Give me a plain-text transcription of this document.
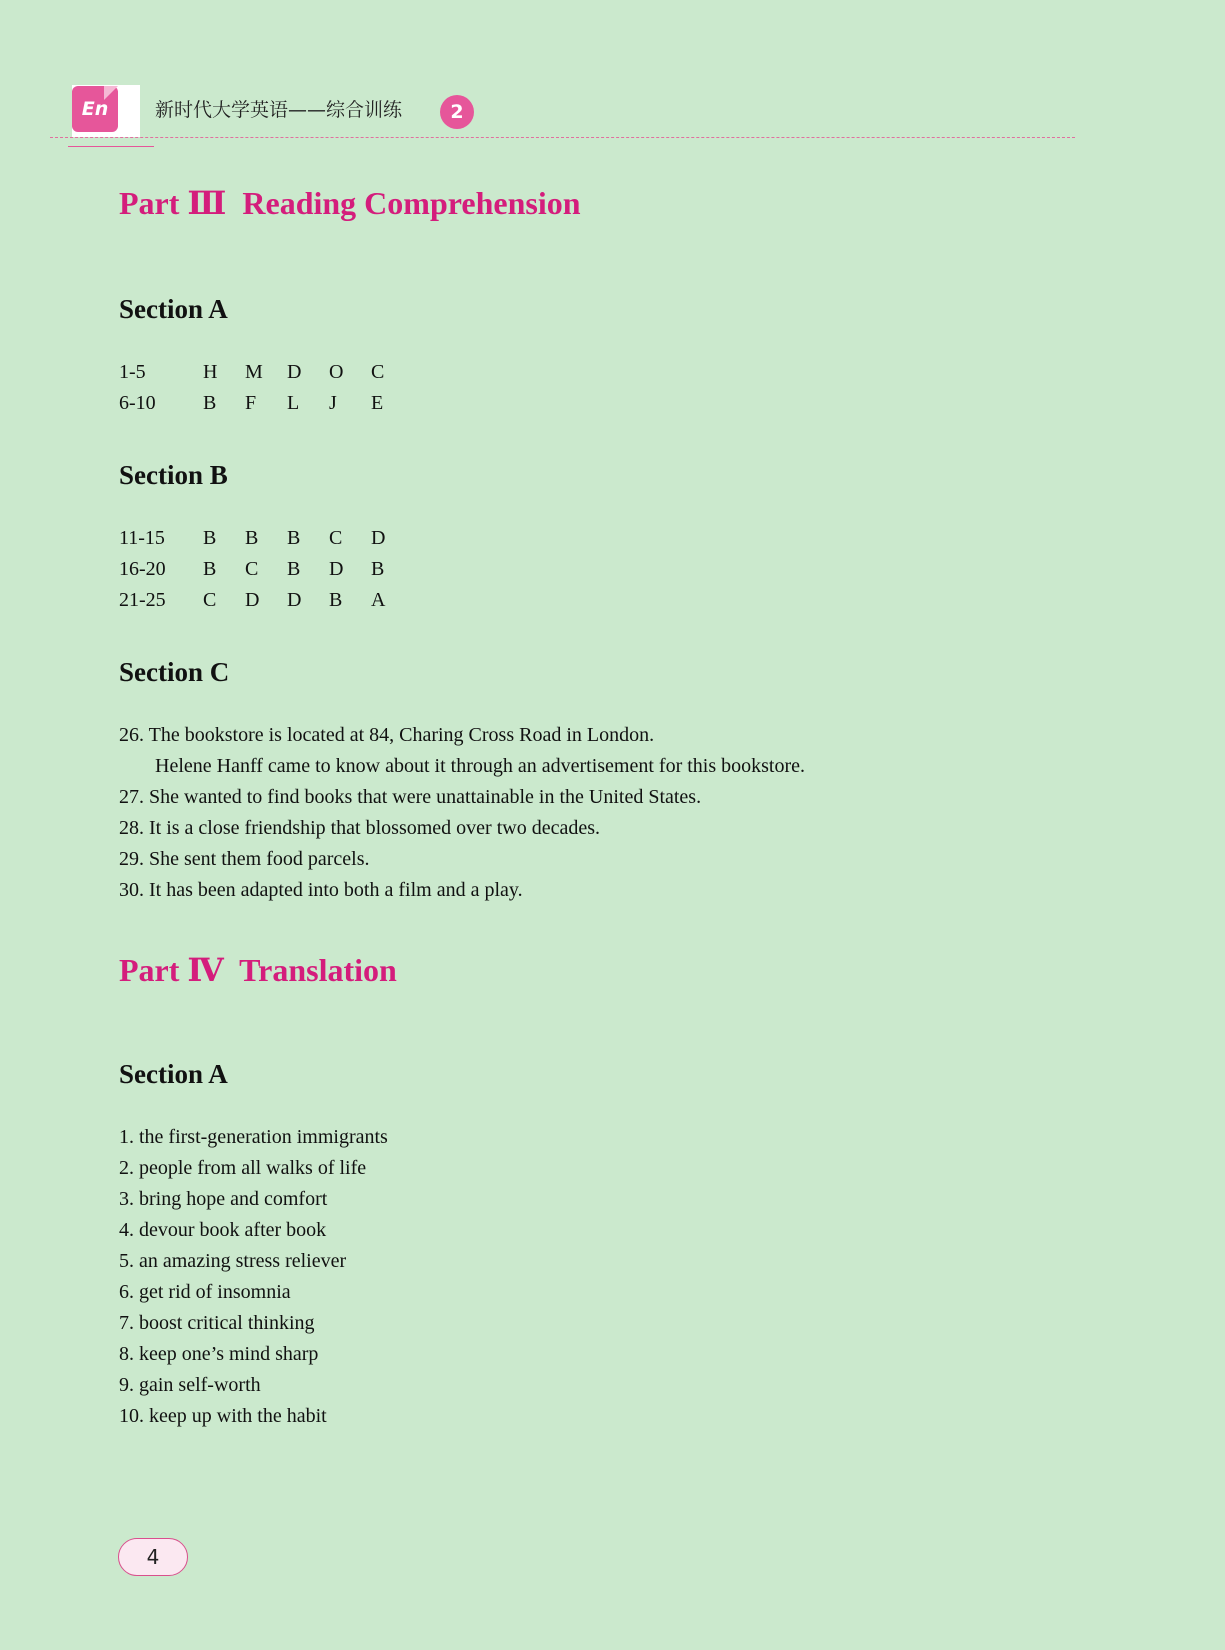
En	新时代大学英语——综合训练	2
Part Ⅲ  Reading Comprehension
Section A
1-5	H	M	D	O	C
6-10	B	F	L	J	E
Section B
11-15	B	B	B	C	D
16-20	B	C	B	D	B
21-25	C	D	D	B	A
Section C
26. The bookstore is located at 84, Charing Cross Road in London.
Helene Hanff came to know about it through an advertisement for this bookstore.
27. She wanted to find books that were unattainable in the United States.
28. It is a close friendship that blossomed over two decades.
29. She sent them food parcels.
30. It has been adapted into both a film and a play.
Part Ⅳ  Translation
Section A
1. the first-generation immigrants
2. people from all walks of life
3. bring hope and comfort
4. devour book after book
5. an amazing stress reliever
6. get rid of insomnia
7. boost critical thinking
8. keep one’s mind sharp
9. gain self-worth
10. keep up with the habit
4
